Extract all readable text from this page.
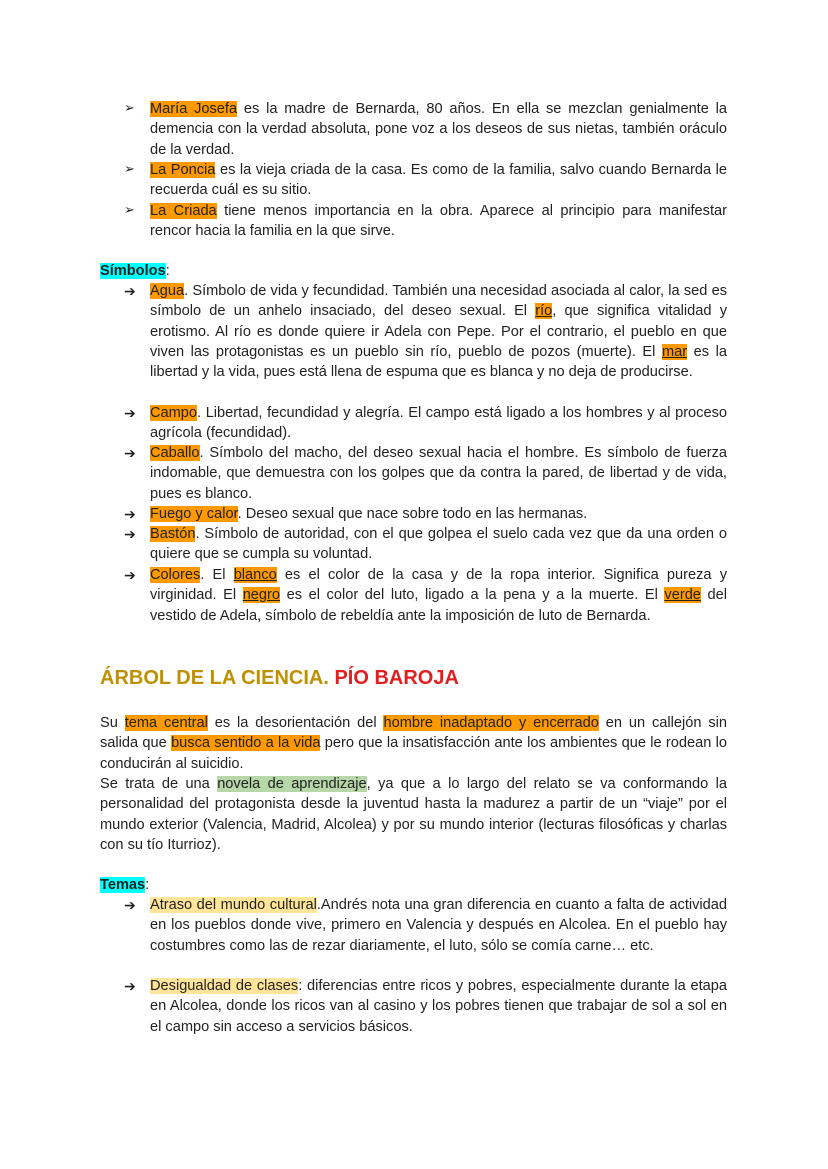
➢ María Josefa es la madre de Bernarda, 80 años. En ella se mezclan genialmente la demencia con la verdad absoluta, pone voz a los deseos de sus nietas, también oráculo de la verdad.
➢ La Poncia es la vieja criada de la casa. Es como de la familia, salvo cuando Bernarda le recuerda cuál es su sitio.
➢ La Criada tiene menos importancia en la obra. Aparece al principio para manifestar rencor hacia la familia en la que sirve.

Símbolos:

➔ Agua. Símbolo de vida y fecundidad. También una necesidad asociada al calor, la sed es símbolo de un anhelo insaciado, del deseo sexual. El río, que significa vitalidad y erotismo. Al río es donde quiere ir Adela con Pepe. Por el contrario, el pueblo en que viven las protagonistas es un pueblo sin río, pueblo de pozos (muerte). El mar es la libertad y la vida, pues está llena de espuma que es blanca y no deja de producirse.
➔ Campo. Libertad, fecundidad y alegría. El campo está ligado a los hombres y al proceso agrícola (fecundidad).
➔ Caballo. Símbolo del macho, del deseo sexual hacia el hombre. Es símbolo de fuerza indomable, que demuestra con los golpes que da contra la pared, de libertad y de vida, pues es blanco.
➔ Fuego y calor. Deseo sexual que nace sobre todo en las hermanas.
➔ Bastón. Símbolo de autoridad, con el que golpea el suelo cada vez que da una orden o quiere que se cumpla su voluntad.
➔ Colores. El blanco es el color de la casa y de la ropa interior. Significa pureza y virginidad. El negro es el color del luto, ligado a la pena y a la muerte. El verde del vestido de Adela, símbolo de rebeldía ante la imposición de luto de Bernarda.
ÁRBOL DE LA CIENCIA. PÍO BAROJA

Su tema central es la desorientación del hombre inadaptado y encerrado en un callejón sin salida que busca sentido a la vida pero que la insatisfacción ante los ambientes que le rodean lo conducirán al suicidio.

Se trata de una novela de aprendizaje, ya que a lo largo del relato se va conformando la personalidad del protagonista desde la juventud hasta la madurez a partir de un “viaje” por el mundo exterior (Valencia, Madrid, Alcolea) y por su mundo interior (lecturas filosóficas y charlas con su tío Iturrioz).

Temas:

➔ Atraso del mundo cultural.Andrés nota una gran diferencia en cuanto a falta de actividad en los pueblos donde vive, primero en Valencia y después en Alcolea. En el pueblo hay costumbres como las de rezar diariamente, el luto, sólo se comía carne… etc.
➔ Desigualdad de clases: diferencias entre ricos y pobres, especialmente durante la etapa en Alcolea, donde los ricos van al casino y los pobres tienen que trabajar de sol a sol en el campo sin acceso a servicios básicos.
